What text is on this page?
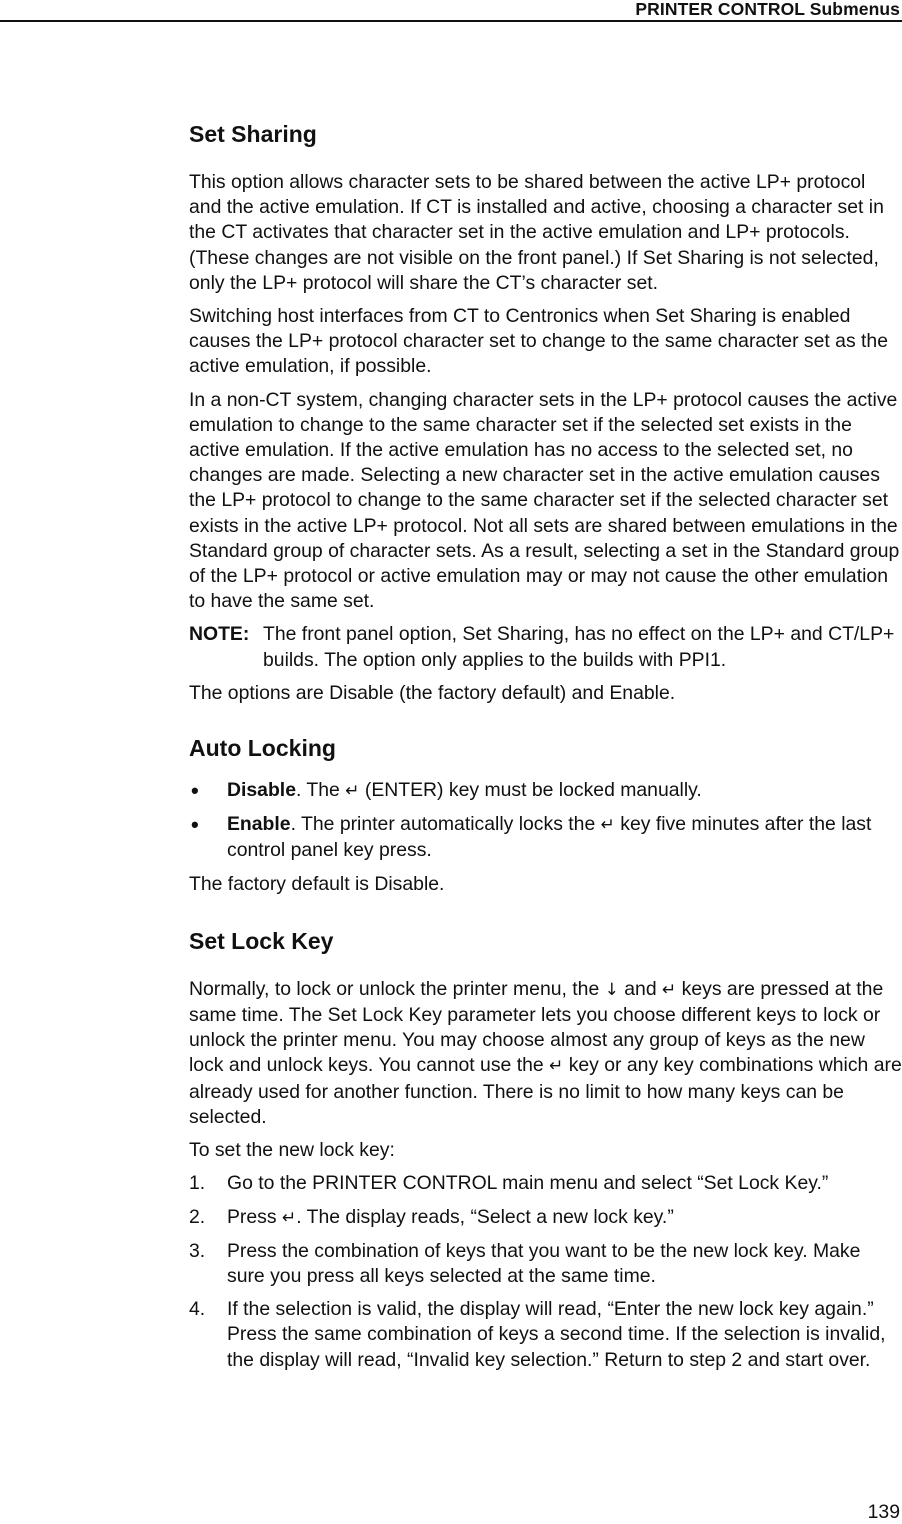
PRINTER CONTROL Submenus
Set Sharing

This option allows character sets to be shared between the active LP+ protocol and the active emulation. If CT is installed and active, choosing a character set in the CT activates that character set in the active emulation and LP+ protocols. (These changes are not visible on the front panel.) If Set Sharing is not selected, only the LP+ protocol will share the CT’s character set.

Switching host interfaces from CT to Centronics when Set Sharing is enabled causes the LP+ protocol character set to change to the same character set as the active emulation, if possible.

In a non-CT system, changing character sets in the LP+ protocol causes the active emulation to change to the same character set if the selected set exists in the active emulation. If the active emulation has no access to the selected set, no changes are made. Selecting a new character set in the active emulation causes the LP+ protocol to change to the same character set if the selected character set exists in the active LP+ protocol. Not all sets are shared between emulations in the Standard group of character sets. As a result, selecting a set in the Standard group of the LP+ protocol or active emulation may or may not cause the other emulation to have the same set.

NOTE: The front panel option, Set Sharing, has no effect on the LP+ and CT/LP+ builds. The option only applies to the builds with PPI1.

The options are Disable (the factory default) and Enable.

Auto Locking
•	Disable. The ↵ (ENTER) key must be locked manually.
•	Enable. The printer automatically locks the ↵ key five minutes after the last control panel key press.

The factory default is Disable.

Set Lock Key

Normally, to lock or unlock the printer menu, the ↓ and ↵ keys are pressed at the same time. The Set Lock Key parameter lets you choose different keys to lock or unlock the printer menu. You may choose almost any group of keys as the new lock and unlock keys. You cannot use the ↵ key or any key combinations which are already used for another function. There is no limit to how many keys can be selected.

To set the new lock key:

1.	Go to the PRINTER CONTROL main menu and select “Set Lock Key.”
2.	Press ↵. The display reads, “Select a new lock key.”
3.	Press the combination of keys that you want to be the new lock key. Make sure you press all keys selected at the same time.
4.	If the selection is valid, the display will read, “Enter the new lock key again.” Press the same combination of keys a second time. If the selection is invalid, the display will read, “Invalid key selection.” Return to step 2 and start over.
139
